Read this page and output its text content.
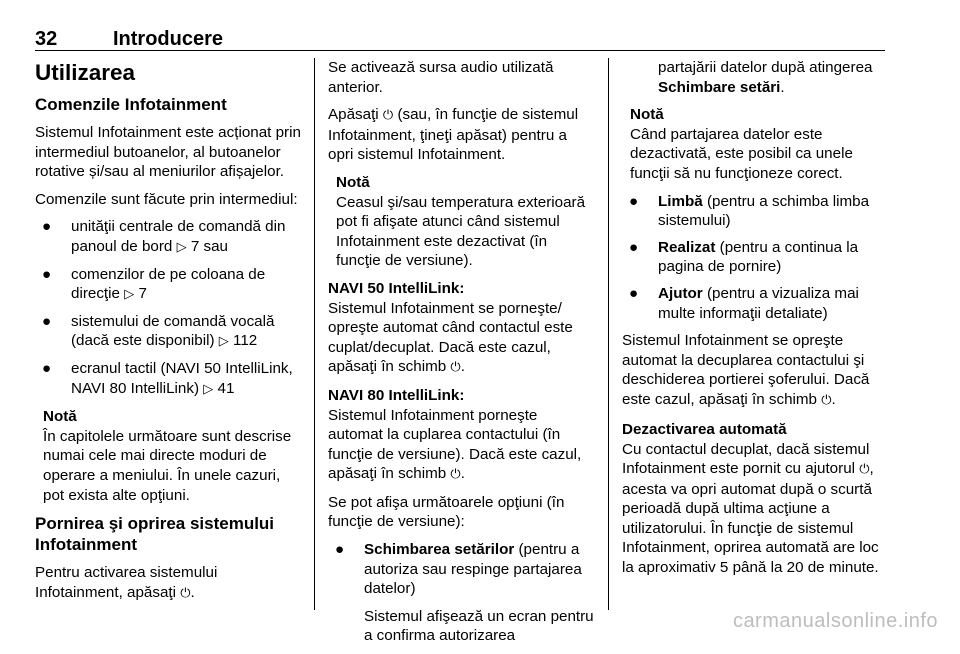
32	Introducere
Utilizarea
Comenzile Infotainment

Sistemul Infotainment este acționat prin intermediul butoanelor, al butoanelor rotative și/sau al meniurilor afișajelor.

Comenzile sunt făcute prin intermediul:

● unităţii centrale de comandă din panoul de bord ▷ 7 sau
● comenzilor de pe coloana de direcţie ▷ 7
● sistemului de comandă vocală (dacă este disponibil) ▷ 112
● ecranul tactil (NAVI 50 IntelliLink, NAVI 80 IntelliLink) ▷ 41
Notă
În capitolele următoare sunt descrise numai cele mai directe moduri de operare a meniului. În unele cazuri, pot exista alte opţiuni.
Pornirea şi oprirea sistemului Infotainment

Pentru activarea sistemului Infotainment, apăsaţi ⏻.

Se activează sursa audio utilizată anterior.

Apăsaţi ⏻ (sau, în funcţie de sistemul Infotainment, ţineţi apăsat) pentru a opri sistemul Infotainment.

Notă
Ceasul şi/sau temperatura exterioară pot fi afişate atunci când sistemul Infotainment este dezactivat (în funcţie de versiune).

NAVI 50 IntelliLink:
Sistemul Infotainment se porneşte/ opreşte automat când contactul este cuplat/decuplat. Dacă este cazul, apăsaţi în schimb ⏻.

NAVI 80 IntelliLink:
Sistemul Infotainment porneşte automat la cuplarea contactului (în funcţie de versiune). Dacă este cazul, apăsaţi în schimb ⏻.

Se pot afişa următoarele opţiuni (în funcţie de versiune):

● Schimbarea setărilor (pentru a autoriza sau respinge partajarea datelor)

Sistemul afişează un ecran pentru a confirma autorizarea

partajării datelor după atingerea Schimbare setări.

Notă
Când partajarea datelor este dezactivată, este posibil ca unele funcţii să nu funcţioneze corect.
● Limbă (pentru a schimba limba sistemului)
● Realizat (pentru a continua la pagina de pornire)
● Ajutor (pentru a vizualiza mai multe informaţii detaliate)

Sistemul Infotainment se opreşte automat la decuplarea contactului şi deschiderea portierei şoferului. Dacă este cazul, apăsaţi în schimb ⏻.

Dezactivarea automată

Cu contactul decuplat, dacă sistemul Infotainment este pornit cu ajutorul ⏻, acesta va opri automat după o scurtă perioadă după ultima acţiune a utilizatorului. În funcţie de sistemul Infotainment, oprirea automată are loc la aproximativ 5 până la 20 de minute.

carmanualsonline.info
